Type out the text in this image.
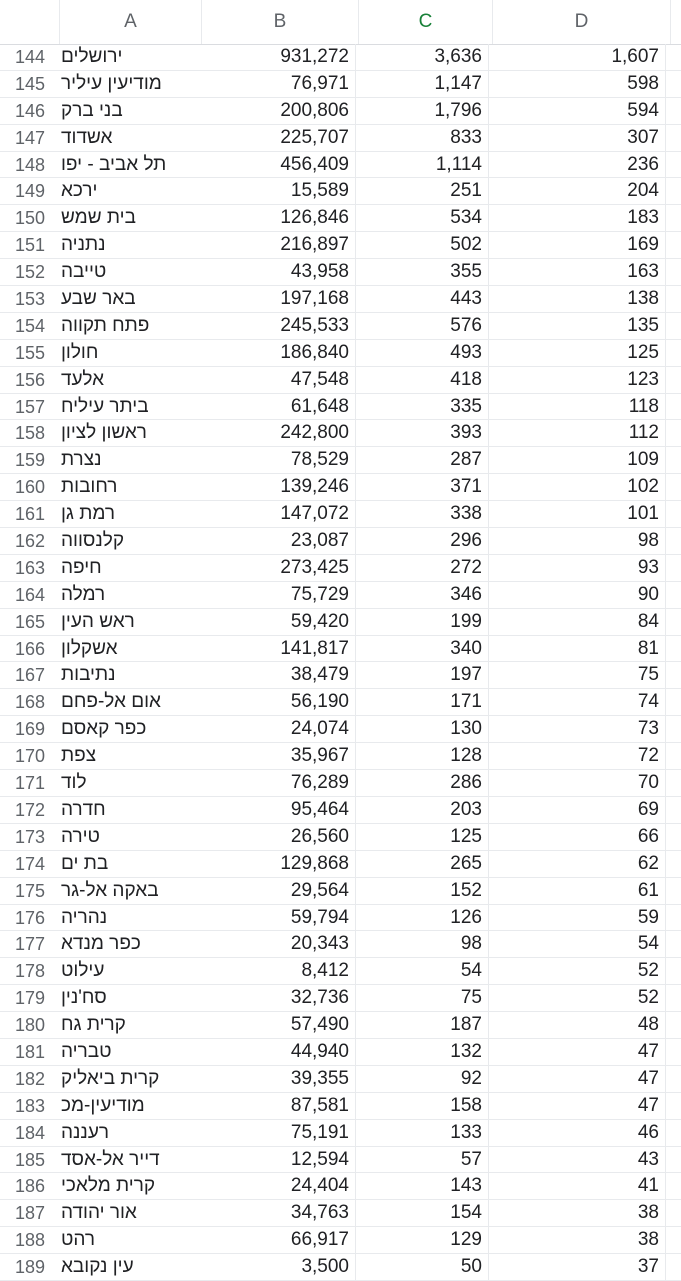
A	B	C	D
144 ירושלים	931,272	3,636	1,607
145 מודיעין עיליר	76,971	1,147	598
146 בני ברק	200,806	1,796	594
147 אשדוד	225,707	833	307
148 תל אביב - יפו	456,409	1,114	236
149 ירכא	15,589	251	204
150 בית שמש	126,846	534	183
151 נתניה	216,897	502	169
152 טייבה	43,958	355	163
153 באר שבע	197,168	443	138
154 פתח תקווה	245,533	576	135
155 חולון	186,840	493	125
156 אלעד	47,548	418	123
157 ביתר עיליח	61,648	335	118
158 ראשון לציון	242,800	393	112
159 נצרת	78,529	287	109
160 רחובות	139,246	371	102
161 רמת גן	147,072	338	101
162 קלנסווה	23,087	296	98
163 חיפה	273,425	272	93
164 רמלה	75,729	346	90
165 ראש העין	59,420	199	84
166 אשקלון	141,817	340	81
167 נתיבות	38,479	197	75
168 אום אל-פחם	56,190	171	74
169 כפר קאסם	24,074	130	73
170 צפת	35,967	128	72
171 לוד	76,289	286	70
172 חדרה	95,464	203	69
173 טירה	26,560	125	66
174 בת ים	129,868	265	62
175 באקה אל-גר	29,564	152	61
176 נהריה	59,794	126	59
177 כפר מנדא	20,343	98	54
178 עילוט	8,412	54	52
179 סח'נין	32,736	75	52
180 קרית גח	57,490	187	48
181 טבריה	44,940	132	47
182 קרית ביאליק	39,355	92	47
183 מודיעין-מכ	87,581	158	47
184 רעננה	75,191	133	46
185 דייר אל-אסד	12,594	57	43
186 קרית מלאכי	24,404	143	41
187 אור יהודה	34,763	154	38
188 רהט	66,917	129	38
189 עין נקובא	3,500	50	37
